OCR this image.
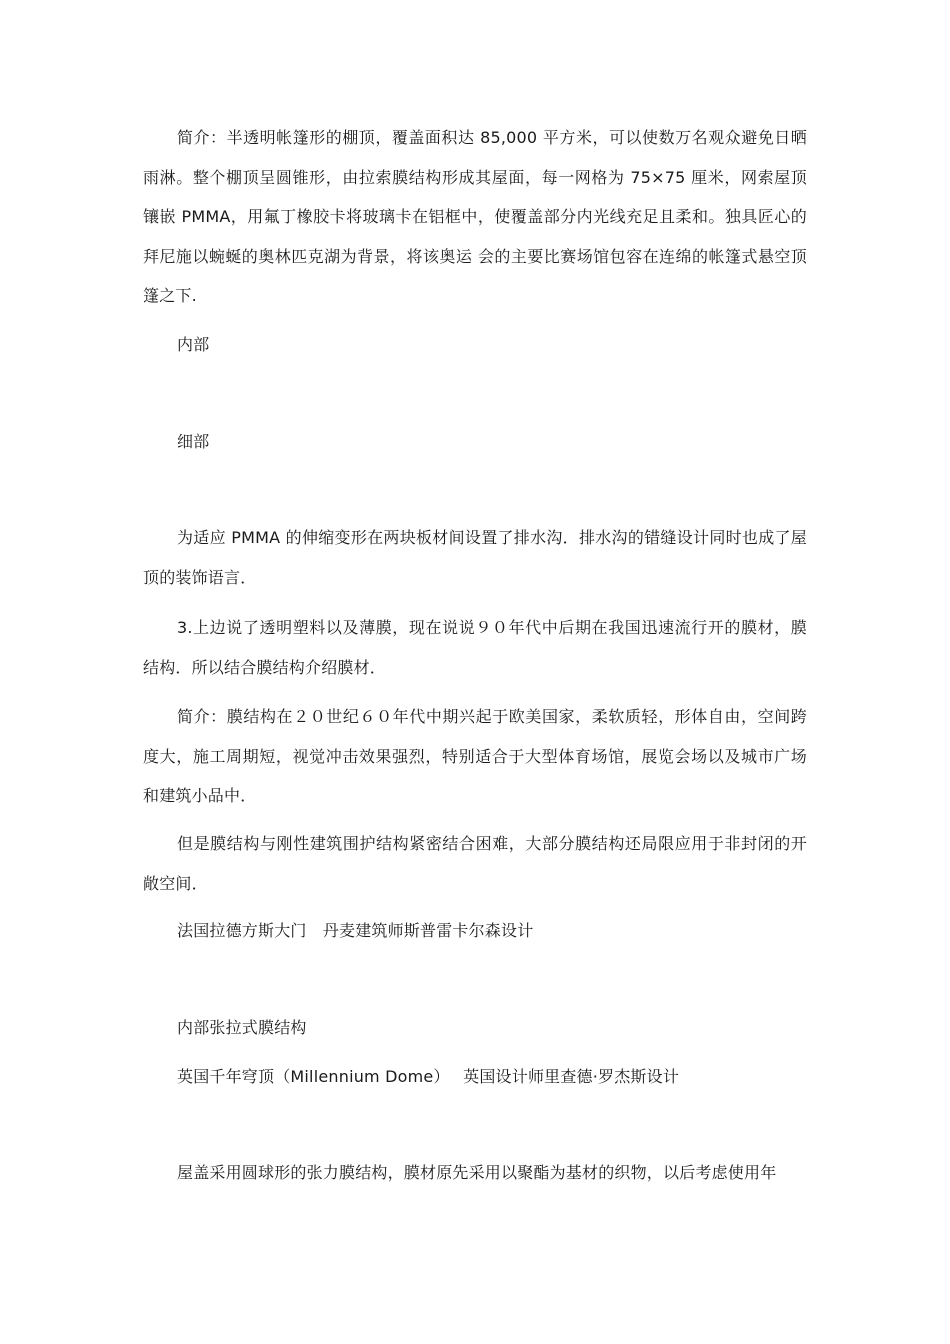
简介：半透明帐篷形的棚顶，覆盖面积达 85,000 平方米，可以使数万名观众避免日晒雨淋。整个棚顶呈圆锥形，由拉索膜结构形成其屋面，每一网格为 75×75 厘米，网索屋顶镶嵌 PMMA，用氟丁橡胶卡将玻璃卡在铝框中，使覆盖部分内光线充足且柔和。独具匠心的拜尼施以蜿蜒的奥林匹克湖为背景，将该奥运 会的主要比赛场馆包容在连绵的帐篷式悬空顶篷之下.

内部

细部

为适应 PMMA 的伸缩变形在两块板材间设置了排水沟．排水沟的错缝设计同时也成了屋顶的装饰语言．

3.上边说了透明塑料以及薄膜，现在说说９０年代中后期在我国迅速流行开的膜材，膜结构．所以结合膜结构介绍膜材．

简介：膜结构在２０世纪６０年代中期兴起于欧美国家，柔软质轻，形体自由，空间跨度大，施工周期短，视觉冲击效果强烈，特别适合于大型体育场馆，展览会场以及城市广场和建筑小品中．

但是膜结构与刚性建筑围护结构紧密结合困难，大部分膜结构还局限应用于非封闭的开敞空间．

法国拉德方斯大门　丹麦建筑师斯普雷卡尔森设计

内部张拉式膜结构

英国千年穹顶（Millennium Dome）　 英国设计师里查德·罗杰斯设计

屋盖采用圆球形的张力膜结构，膜材原先采用以聚酯为基材的织物，以后考虑使用年
